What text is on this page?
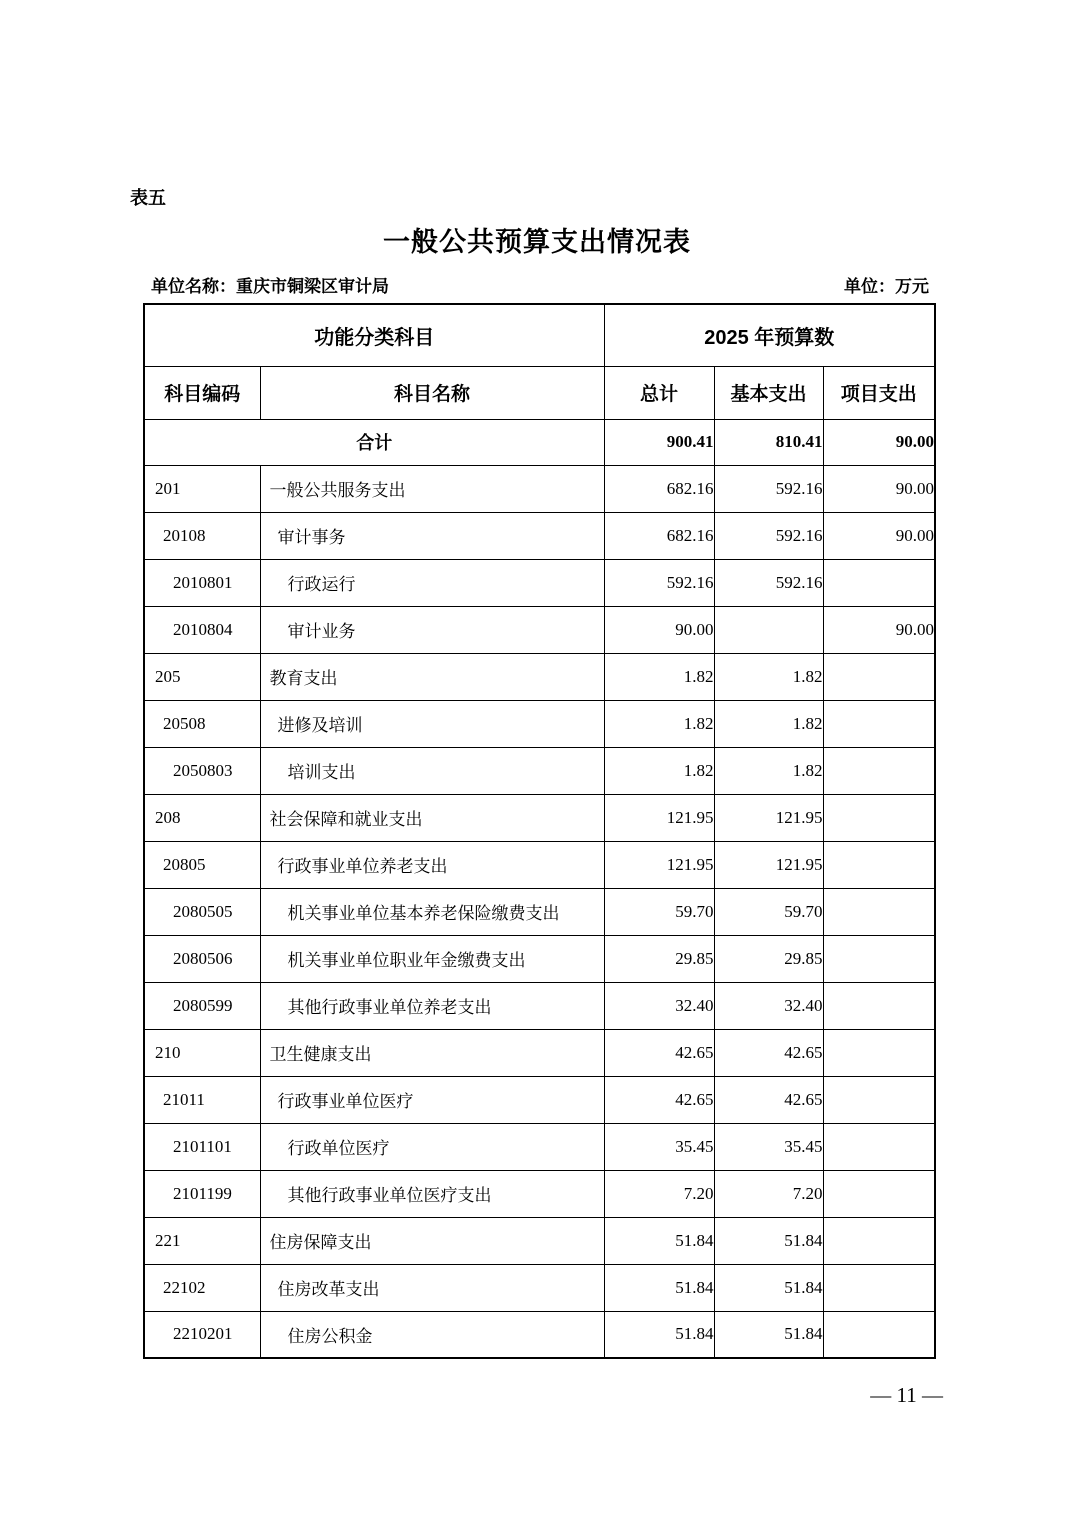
表五
一般公共预算支出情况表
单位名称：重庆市铜梁区审计局	单位：万元
功能分类科目		2025 年预算数		
科目编码	科目名称	总计	基本支出	项目支出
合计		900.41	810.41	90.00
201	一般公共服务支出	682.16	592.16	90.00
20108	审计事务	682.16	592.16	90.00
2010801	行政运行	592.16	592.16	
2010804	审计业务	90.00		90.00
205	教育支出	1.82	1.82	
20508	进修及培训	1.82	1.82	
2050803	培训支出	1.82	1.82	
208	社会保障和就业支出	121.95	121.95	
20805	行政事业单位养老支出	121.95	121.95	
2080505	机关事业单位基本养老保险缴费支出	59.70	59.70	
2080506	机关事业单位职业年金缴费支出	29.85	29.85	
2080599	其他行政事业单位养老支出	32.40	32.40	
210	卫生健康支出	42.65	42.65	
21011	行政事业单位医疗	42.65	42.65	
2101101	行政单位医疗	35.45	35.45	
2101199	其他行政事业单位医疗支出	7.20	7.20	
221	住房保障支出	51.84	51.84	
22102	住房改革支出	51.84	51.84	
2210201	住房公积金	51.84	51.84	
— 11 —
